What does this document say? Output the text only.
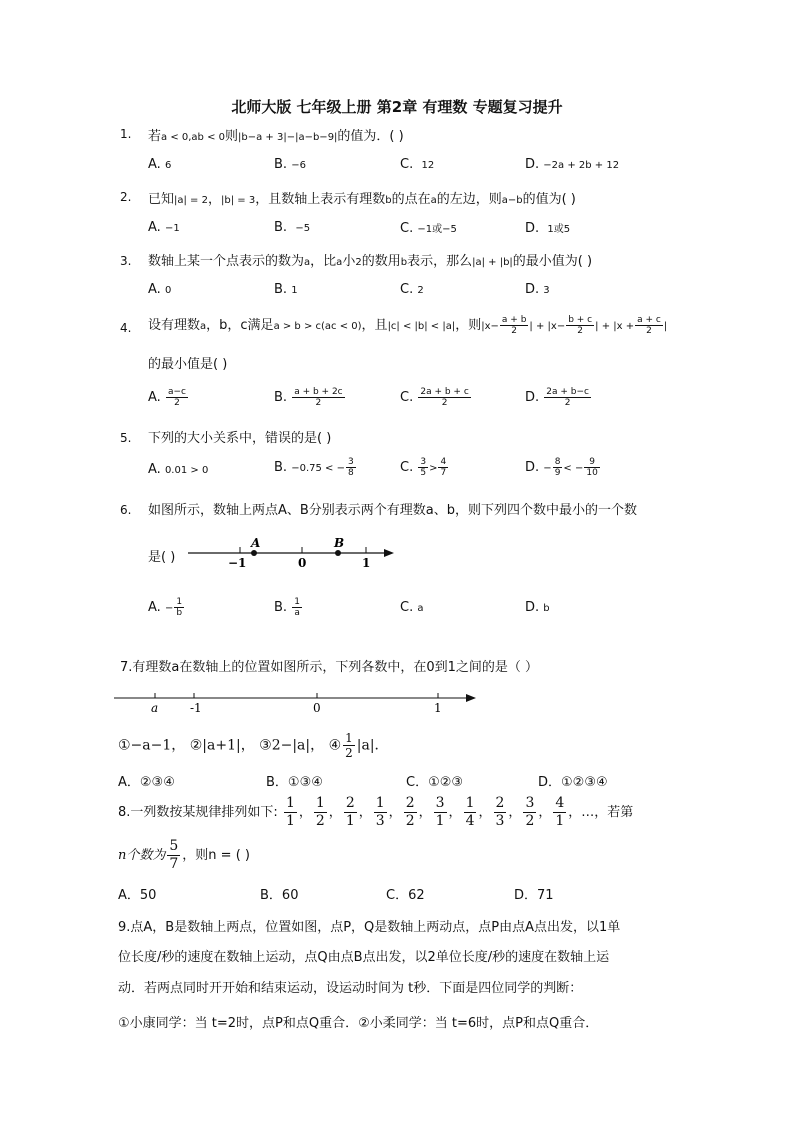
北师大版 七年级上册 第2章 有理数 专题复习提升
1. 若a < 0,ab < 0则|b−a + 3|−|a−b−9|的值为．( )
A. 6	B. −6	C. 12	D. −2a + 2b + 12
2. 已知|a| = 2，|b| = 3，且数轴上表示有理数b的点在a的左边，则a−b的值为( )
A. −1	B. −5	C. −1或−5	D. 1或5
3. 数轴上某一个点表示的数为a，比a小2的数用b表示，那么|a| + |b|的最小值为( )
A. 0	B. 1	C. 2	D. 3
4. 设有理数a，b，c满足a > b > c(ac < 0)，且|c| < |b| < |a|，则$|x- \frac{a + b}{2}$ | + $|x- \frac{b + c}{2}$ | + $|x + \frac{a + c}{2}$ |
的最小值是( )
A. $\frac{a-c}{2}$	B. $\frac{a + b + 2c}{2}$	C. $\frac{2a + b + c}{2}$	D. $\frac{2a + b-c}{2}$
5. 下列的大小关系中，错误的是( )
A. 0.01 > 0	B. −0.75 < − $\frac{3}{8}$	C. $\frac{3}{5} > \frac{4}{7}$	D. − $\frac{8}{9}$ < − $\frac{9}{10}$
6. 如图所示，数轴上两点A、B分别表示两个有理数a、b，则下列四个数中最小的一个数
是( )
A	B
−1	0	1
A. − $\frac{1}{b}$	B. $\frac{1}{a}$	C. a	D. b
7.有理数a在数轴上的位置如图所示，下列各数中，在0到1之间的是（ ）
a	-1	0	1
①−a−1， ②|a+1|， ③2−|a|， ④ $\frac{1}{2} |a|$．
A．②③④	B．①③④	C．①②③	D．①②③④
8.一列数按某规律排列如下: $\frac{1}{1}$ ， $\frac{1}{2}$ ， $\frac{2}{1}$ ， $\frac{1}{3}$ ， $\frac{2}{2}$ ， $\frac{3}{1}$ ， $\frac{1}{4}$ ， $\frac{2}{3}$ ， $\frac{3}{2}$ ， $\frac{4}{1}$ ，…，若第
n个数为 $\frac{5}{7}$ ，则n = ( )
A．50	B．60	C．62	D．71
9.点A，B是数轴上两点，位置如图，点P，Q是数轴上两动点，点P由点A点出发，以1单
位长度/秒的速度在数轴上运动，点Q由点B点出发，以2单位长度/秒的速度在数轴上运
动．若两点同时开开始和结束运动，设运动时间为 t秒．下面是四位同学的判断：
①小康同学：当 t=2时，点P和点Q重合．②小柔同学：当 t=6时，点P和点Q重合．
